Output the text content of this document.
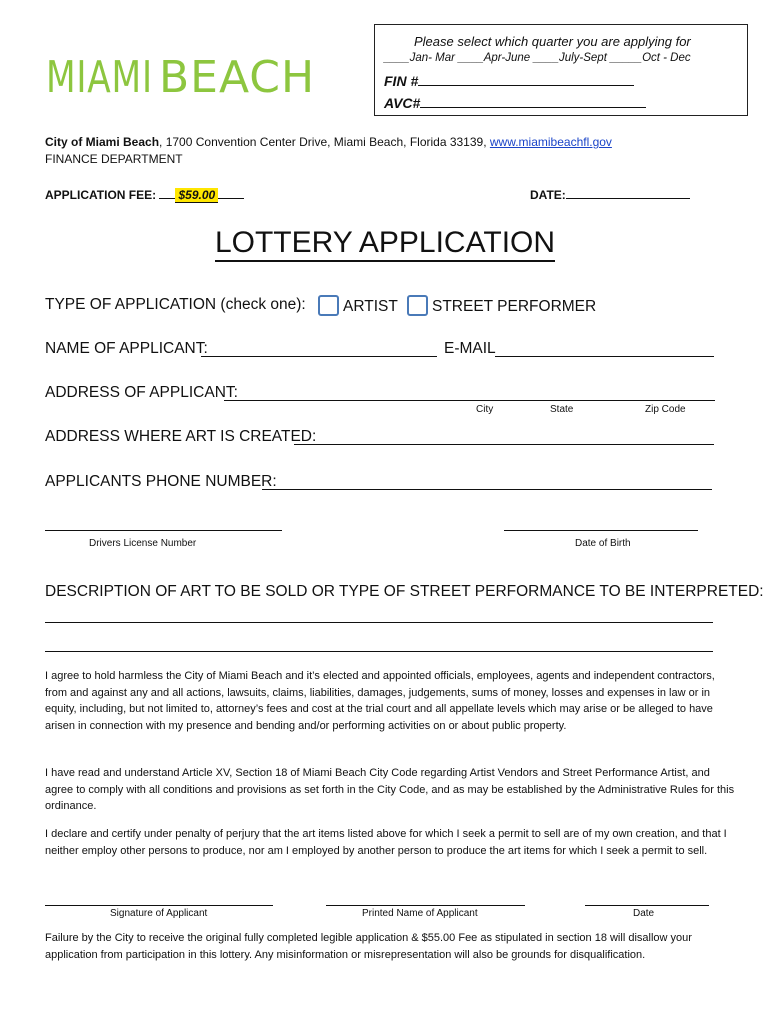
MIAMI BEACH
Please select which quarter you are applying for
____Jan- Mar ____Apr-June ____July-Sept _____Oct - Dec
FIN #
AVC#
City of Miami Beach, 1700 Convention Center Drive, Miami Beach, Florida 33139, www.miamibeachfl.gov
FINANCE DEPARTMENT
APPLICATION FEE: $59.00	DATE:
LOTTERY APPLICATION
TYPE OF APPLICATION (check one):	ARTIST	STREET PERFORMER
NAME OF APPLICANT:	E-MAIL
ADDRESS OF APPLICANT:
City	State	Zip Code
ADDRESS WHERE ART IS CREATED:
APPLICANTS PHONE NUMBER:
Drivers License Number	Date of Birth
DESCRIPTION OF ART TO BE SOLD OR TYPE OF STREET PERFORMANCE TO BE INTERPRETED:
I agree to hold harmless the City of Miami Beach and it’s elected and appointed officials, employees, agents and independent contractors, from and against any and all actions, lawsuits, claims, liabilities, damages, judgements, sums of money, losses and expenses in law or in equity, including, but not limited to, attorney’s fees and cost at the trial court and all appellate levels which may arise or be alleged to have arisen in connection with my presence and bending and/or performing activities on or about public property.
I have read and understand Article XV, Section 18 of Miami Beach City Code regarding Artist Vendors and Street Performance Artist, and agree to comply with all conditions and provisions as set forth in the City Code, and as may be established by the Administrative Rules for this ordinance.
I declare and certify under penalty of perjury that the art items listed above for which I seek a permit to sell are of my own creation, and that I neither employ other persons to produce, nor am I employed by another person to produce the art items for which I seek a permit to sell.
Signature of Applicant	Printed Name of Applicant	Date
Failure by the City to receive the original fully completed legible application & $55.00 Fee as stipulated in section 18 will disallow your application from participation in this lottery. Any misinformation or misrepresentation will also be grounds for disqualification.
